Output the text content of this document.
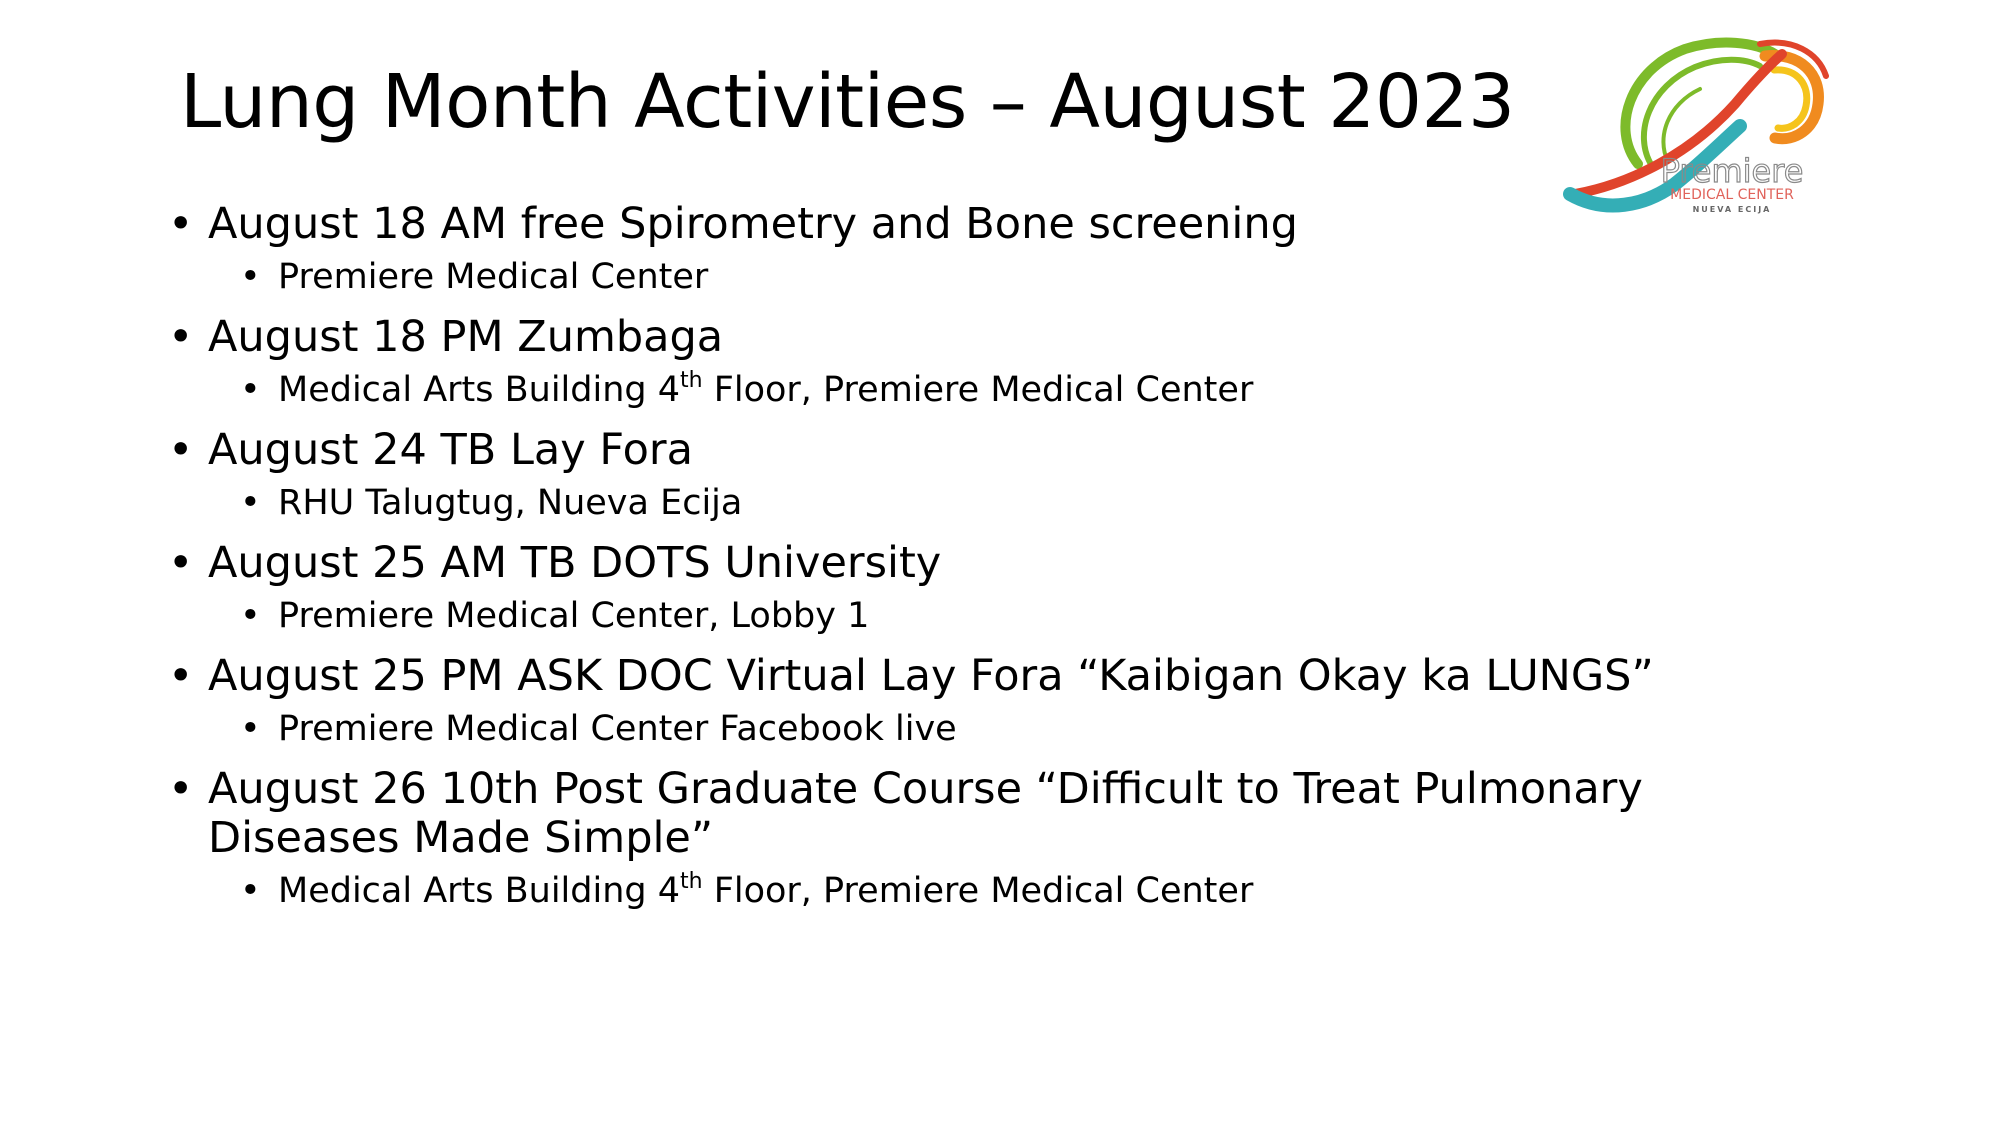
Lung Month Activities – August 2023
Premiere
MEDICAL CENTER
NUEVA ECIJA
• August 18 AM free Spirometry and Bone screening
• Premiere Medical Center
• August 18 PM Zumbaga
• Medical Arts Building 4th Floor, Premiere Medical Center
• August 24 TB Lay Fora
• RHU Talugtug, Nueva Ecija
• August 25 AM TB DOTS University
• Premiere Medical Center, Lobby 1
• August 25 PM ASK DOC Virtual Lay Fora “Kaibigan Okay ka LUNGS”
• Premiere Medical Center Facebook live
• August 26 10th Post Graduate Course “Difficult to Treat Pulmonary Diseases Made Simple”
• Medical Arts Building 4th Floor, Premiere Medical Center
